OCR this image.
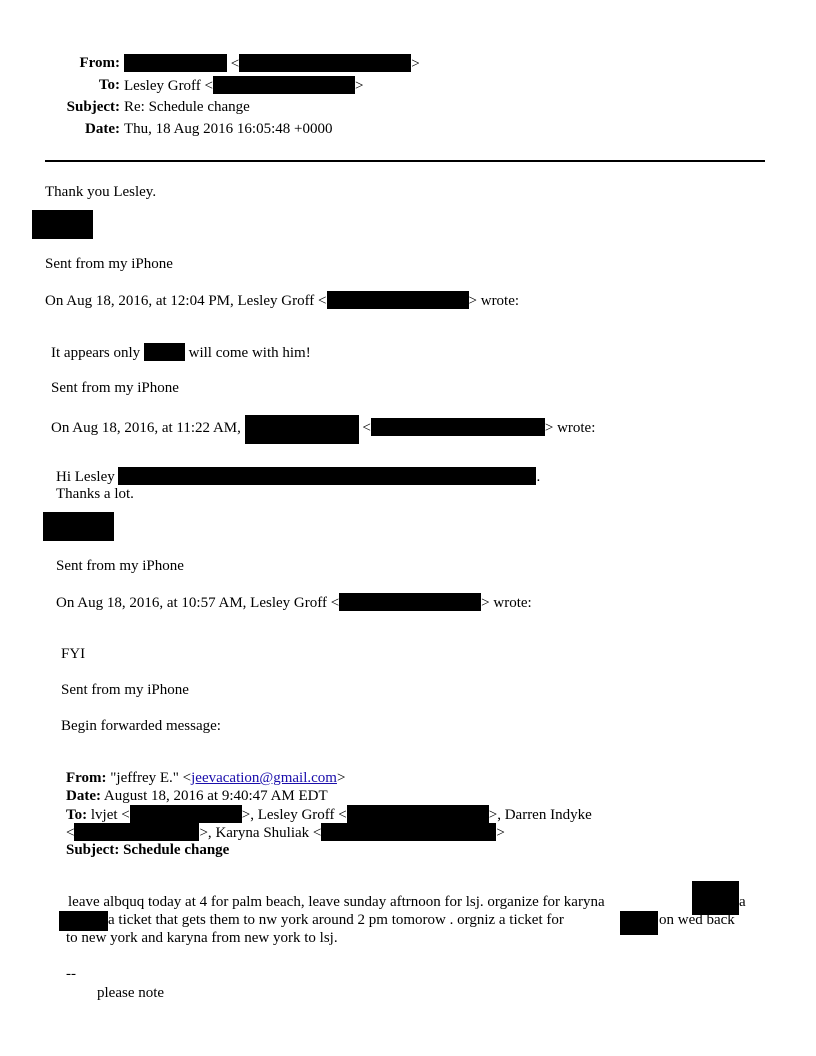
From:	<	>
To: Lesley Groff <	>
Subject: Re: Schedule change
Date: Thu, 18 Aug 2016 16:05:48 +0000
Thank you Lesley.
Sent from my iPhone
On Aug 18, 2016, at 12:04 PM, Lesley Groff <	> wrote:
It appears only	will come with him!
Sent from my iPhone
On Aug 18, 2016, at 11:22 AM,	<	> wrote:
Hi Lesley	.
Thanks a lot.
Sent from my iPhone
On Aug 18, 2016, at 10:57 AM, Lesley Groff <	> wrote:
FYI
Sent from my iPhone
Begin forwarded message:
From: "jeffrey E." <jeevacation@gmail.com>
Date: August 18, 2016 at 9:40:47 AM EDT
To: lvjet <	>, Lesley Groff <	>, Darren Indyke
<	>, Karyna Shuliak <	>
Subject: Schedule change
leave albquq today at 4 for palm beach, leave sunday aftrnoon for lsj. organize for karyna	a
a ticket that gets them to nw york around 2 pm tomorow . orgniz a ticket for	on wed back
to new york and karyna from new york to lsj.
--
please note
